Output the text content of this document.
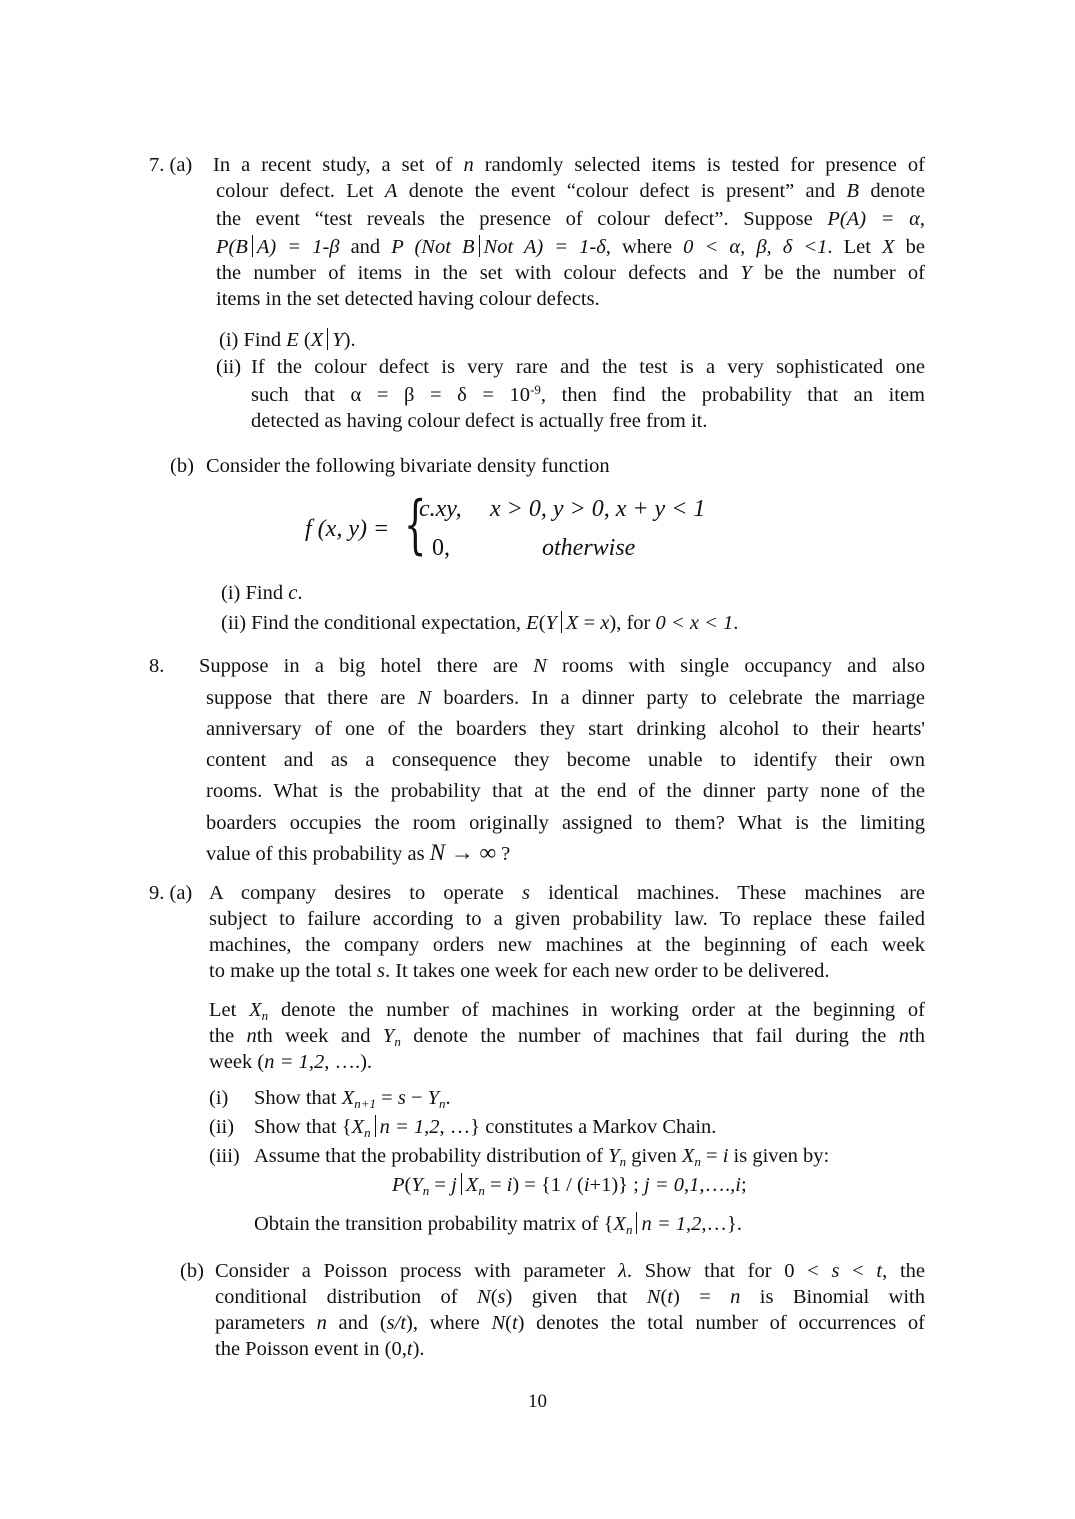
7. (a) In a recent study, a set of n randomly selected items is tested for presence of
colour defect. Let A denote the event “colour defect is present” and B denote
the event “test reveals the presence of colour defect”. Suppose P(A) = α,
P(B A) = 1-β and P (Not B Not A) = 1-δ, where 0 < α, β, δ <1. Let X be
the number of items in the set with colour defects and Y be the number of
items in the set detected having colour defects.
(i) Find E (X Y).
(ii) If the colour defect is very rare and the test is a very sophisticated one
such that $\alpha = \beta = \delta = 10^{-9}$, then find the probability that an item
detected as having colour defect is actually free from it.
(b) Consider the following bivariate density function
f (x, y) = {
c.xy, x > 0, y > 0, x + y < 1
0,	otherwise
(i) Find c.
(ii) Find the conditional expectation, E(Y X = x), for 0 < x < 1.
8. Suppose in a big hotel there are N rooms with single occupancy and also
suppose that there are N boarders. In a dinner party to celebrate the marriage
anniversary of one of the boarders they start drinking alcohol to their hearts'
content and as a consequence they become unable to identify their own
rooms. What is the probability that at the end of the dinner party none of the
boarders occupies the room originally assigned to them? What is the limiting
value of this probability as N → ∞ ?
9. (a) A company desires to operate s identical machines. These machines are
subject to failure according to a given probability law. To replace these failed
machines, the company orders new machines at the beginning of each week
to make up the total s. It takes one week for each new order to be delivered.
Let $X_n$ denote the number of machines in working order at the beginning of
the nth week and $Y_n$ denote the number of machines that fail during the nth
week (n = 1,2, ….).
(i) Show that $X_{n+1} = s - Y_n$.
(ii) Show that {$X_n$ n = 1,2, …} constitutes a Markov Chain.
(iii) Assume that the probability distribution of $Y_n$ given $X_n = i$ is given by:
$P(Y_n = j$ $X_n = i) = \{1 / (i+1)\}$ ; j = 0,1,….,i;
Obtain the transition probability matrix of {$X_n$ n = 1,2,…}.
(b) Consider a Poisson process with parameter λ. Show that for 0 < s < t, the
conditional distribution of N(s) given that N(t) = n is Binomial with
parameters n and (s/t), where N(t) denotes the total number of occurrences of
the Poisson event in (0,t).
10
